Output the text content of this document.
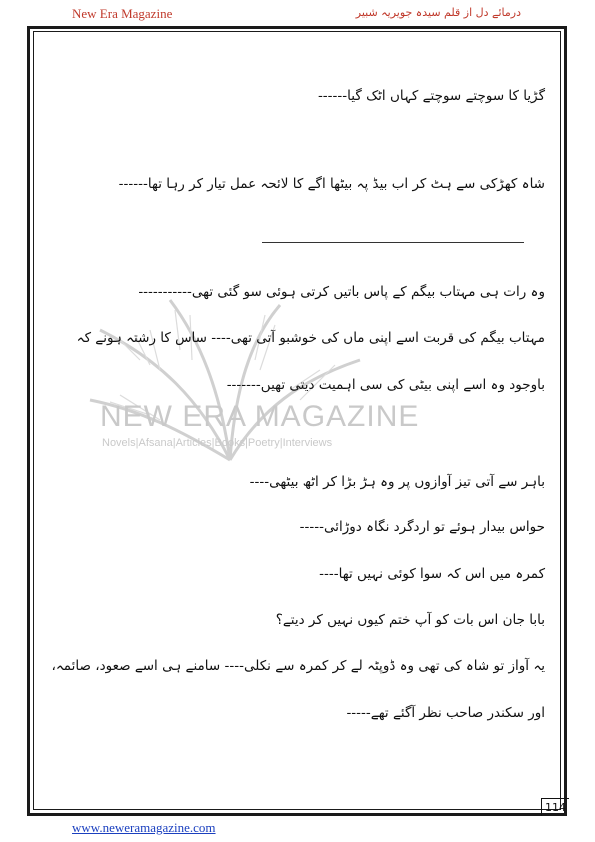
New Era Magazine	درمائے دل از قلم سیدہ جویریہ شبیر
NEW ERA MAGAZINE
Novels|Afsana|Articles|Books|Poetry|Interviews
گڑیا کا سوچتے سوچتے کہاں اٹک گیا------
شاہ کھڑکی سے ہٹ کر اب بیڈ پہ بیٹھا اگے کا لائحہ عمل تیار کر رہا تھا------
وہ رات ہی مہتاب بیگم کے پاس باتیں کرتی ہوئی سو گئی تھی-----------
مہتاب بیگم کی قربت اسے اپنی ماں کی خوشبو آتی تھی---- ساس کا رشتہ ہونے کہ
باوجود وہ اسے اپنی بیٹی کی سی اہمیت دیتی تھیں-------
باہر سے آتی تیز آوازوں پر وہ ہڑ بڑا کر اٹھ بیٹھی----
حواس بیدار ہوئے تو اردگرد نگاہ دوڑائی-----
کمرہ میں اس کہ سوا کوئی نہیں تھا----
بابا جان اس بات کو آپ ختم کیوں نہیں کر دیتے؟
یہ آواز تو شاہ کی تھی وہ ڈوپٹہ لے کر کمرہ سے نکلی---- سامنے ہی اسے صعود، صائمہ،
اور سکندر صاحب نظر آگئے تھے-----
114
www.neweramagazine.com
